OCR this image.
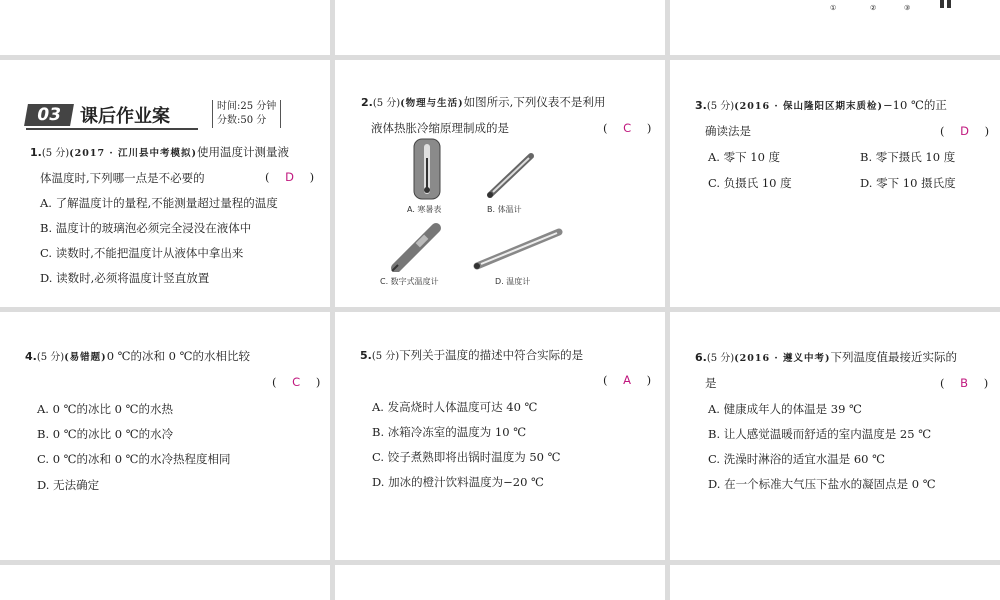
①	②	③
03 课后作业案	时间:25 分钟
分数:50 分
1.(5 分)(2017 · 江川县中考模拟)使用温度计测量液
体温度时,下列哪一点是不必要的	( D )
A. 了解温度计的量程,不能测量超过量程的温度
B. 温度计的玻璃泡必须完全浸没在液体中
C. 读数时,不能把温度计从液体中拿出来
D. 读数时,必须将温度计竖直放置
2.(5 分)(物理与生活)如图所示,下列仪表不是利用
液体热胀冷缩原理制成的是	( C )
A. 寒暑表	B. 体温计
C. 数字式温度计	D. 温度计
3.(5 分)(2016 · 保山隆阳区期末质检)−10 ℃的正
确读法是	( D )
A. 零下 10 度	B. 零下摄氏 10 度
C. 负摄氏 10 度	D. 零下 10 摄氏度
4.(5 分)(易错题)0 ℃的冰和 0 ℃的水相比较
( C )
A. 0 ℃的冰比 0 ℃的水热
B. 0 ℃的冰比 0 ℃的水冷
C. 0 ℃的冰和 0 ℃的水冷热程度相同
D. 无法确定
5.(5 分)下列关于温度的描述中符合实际的是
( A )
A. 发高烧时人体温度可达 40 ℃
B. 冰箱冷冻室的温度为 10 ℃
C. 饺子煮熟即将出锅时温度为 50 ℃
D. 加冰的橙汁饮料温度为−20 ℃
6.(5 分)(2016 · 遵义中考)下列温度值最接近实际的
是	( B )
A. 健康成年人的体温是 39 ℃
B. 让人感觉温暖而舒适的室内温度是 25 ℃
C. 洗澡时淋浴的适宜水温是 60 ℃
D. 在一个标准大气压下盐水的凝固点是 0 ℃
